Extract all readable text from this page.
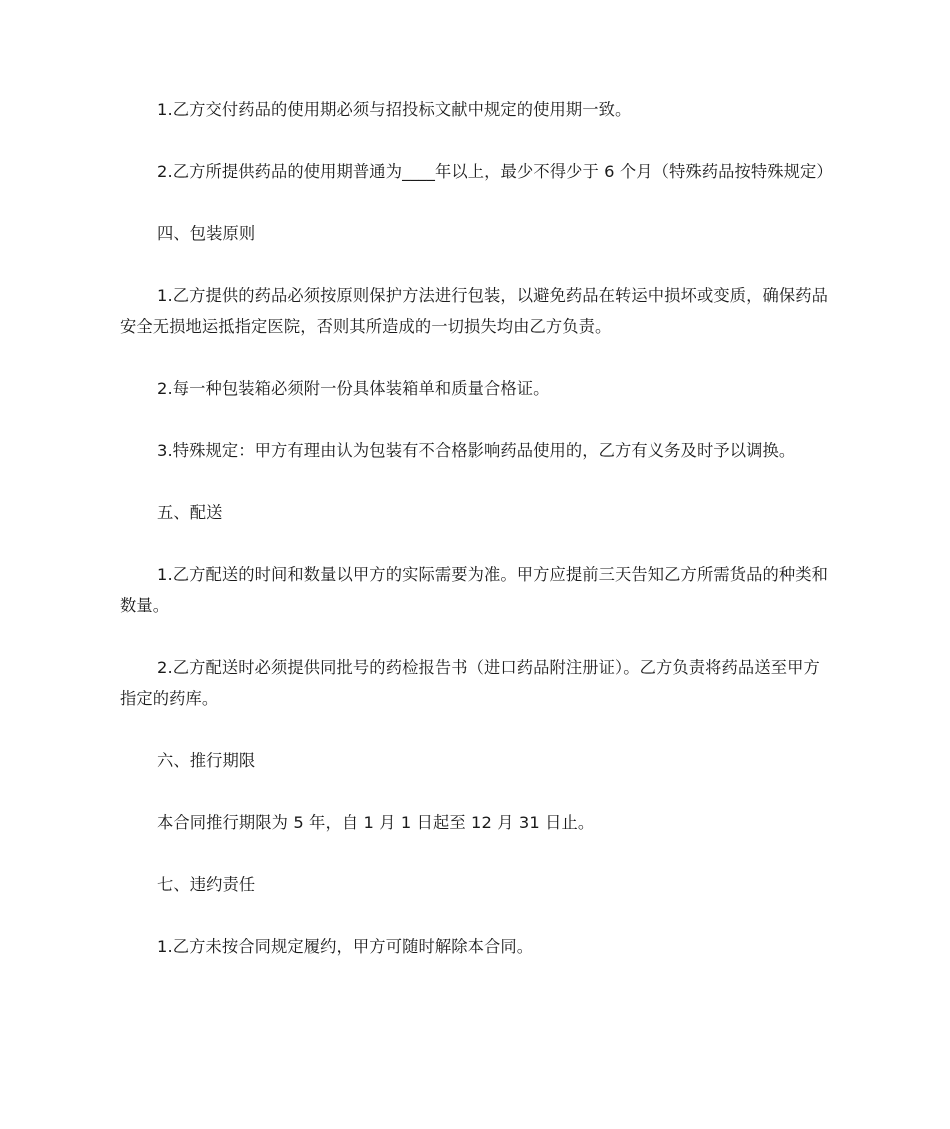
1.乙方交付药品的使用期必须与招投标文献中规定的使用期一致。

2.乙方所提供药品的使用期普通为____年以上，最少不得少于 6 个月（特殊药品按特殊规定）

四、包装原则

1.乙方提供的药品必须按原则保护方法进行包装，以避免药品在转运中损坏或变质，确保药品安全无损地运抵指定医院，否则其所造成的一切损失均由乙方负责。

2.每一种包装箱必须附一份具体装箱单和质量合格证。

3.特殊规定：甲方有理由认为包装有不合格影响药品使用的，乙方有义务及时予以调换。

五、配送

1.乙方配送的时间和数量以甲方的实际需要为准。甲方应提前三天告知乙方所需货品的种类和数量。

2.乙方配送时必须提供同批号的药检报告书（进口药品附注册证）。乙方负责将药品送至甲方指定的药库。

六、推行期限

本合同推行期限为 5 年，自 1 月 1 日起至 12 月 31 日止。

七、违约责任

1.乙方未按合同规定履约，甲方可随时解除本合同。
